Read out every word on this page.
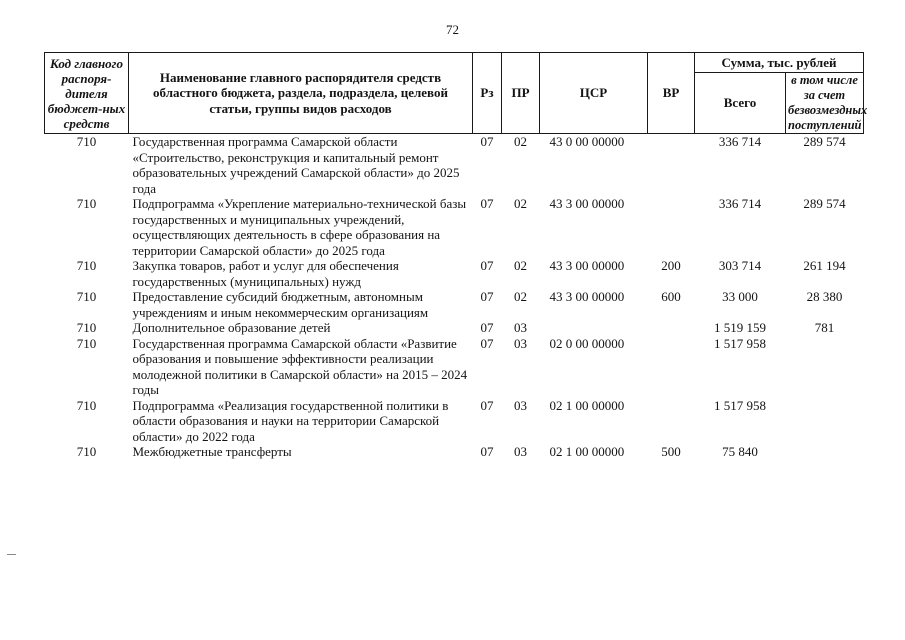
72
Код главного распоря-дителя бюджет-ных средств	Наименование главного распорядителя средств областного бюджета, раздела, подраздела, целевой статьи, группы видов расходов	Рз	ПР	ЦСР	ВР	Сумма, тыс. рублей	
						Всего	в том числе за счет безвозмездных поступлений
710	Государственная программа Самарской области «Строительство, реконструкция и капитальный ремонт образовательных учреждений Самарской области» до 2025 года	07	02	43 0 00 00000		336 714	289 574
710	Подпрограмма «Укрепление материально-технической базы государственных и муниципальных учреждений, осуществляющих деятельность в сфере образования на территории Самарской области» до 2025 года	07	02	43 3 00 00000		336 714	289 574
710	Закупка товаров, работ и услуг для обеспечения государственных (муниципальных) нужд	07	02	43 3 00 00000	200	303 714	261 194
710	Предоставление субсидий бюджетным, автономным учреждениям и иным некоммерческим организациям	07	02	43 3 00 00000	600	33 000	28 380
710	Дополнительное образование детей	07	03			1 519 159	781
710	Государственная программа Самарской области «Развитие образования и повышение эффективности реализации молодежной политики в Самарской области» на 2015 – 2024 годы	07	03	02 0 00 00000		1 517 958	
710	Подпрограмма «Реализация государственной политики в области образования и науки на территории Самарской области» до 2022 года	07	03	02 1 00 00000		1 517 958	
710	Межбюджетные трансферты	07	03	02 1 00 00000	500	75 840	
